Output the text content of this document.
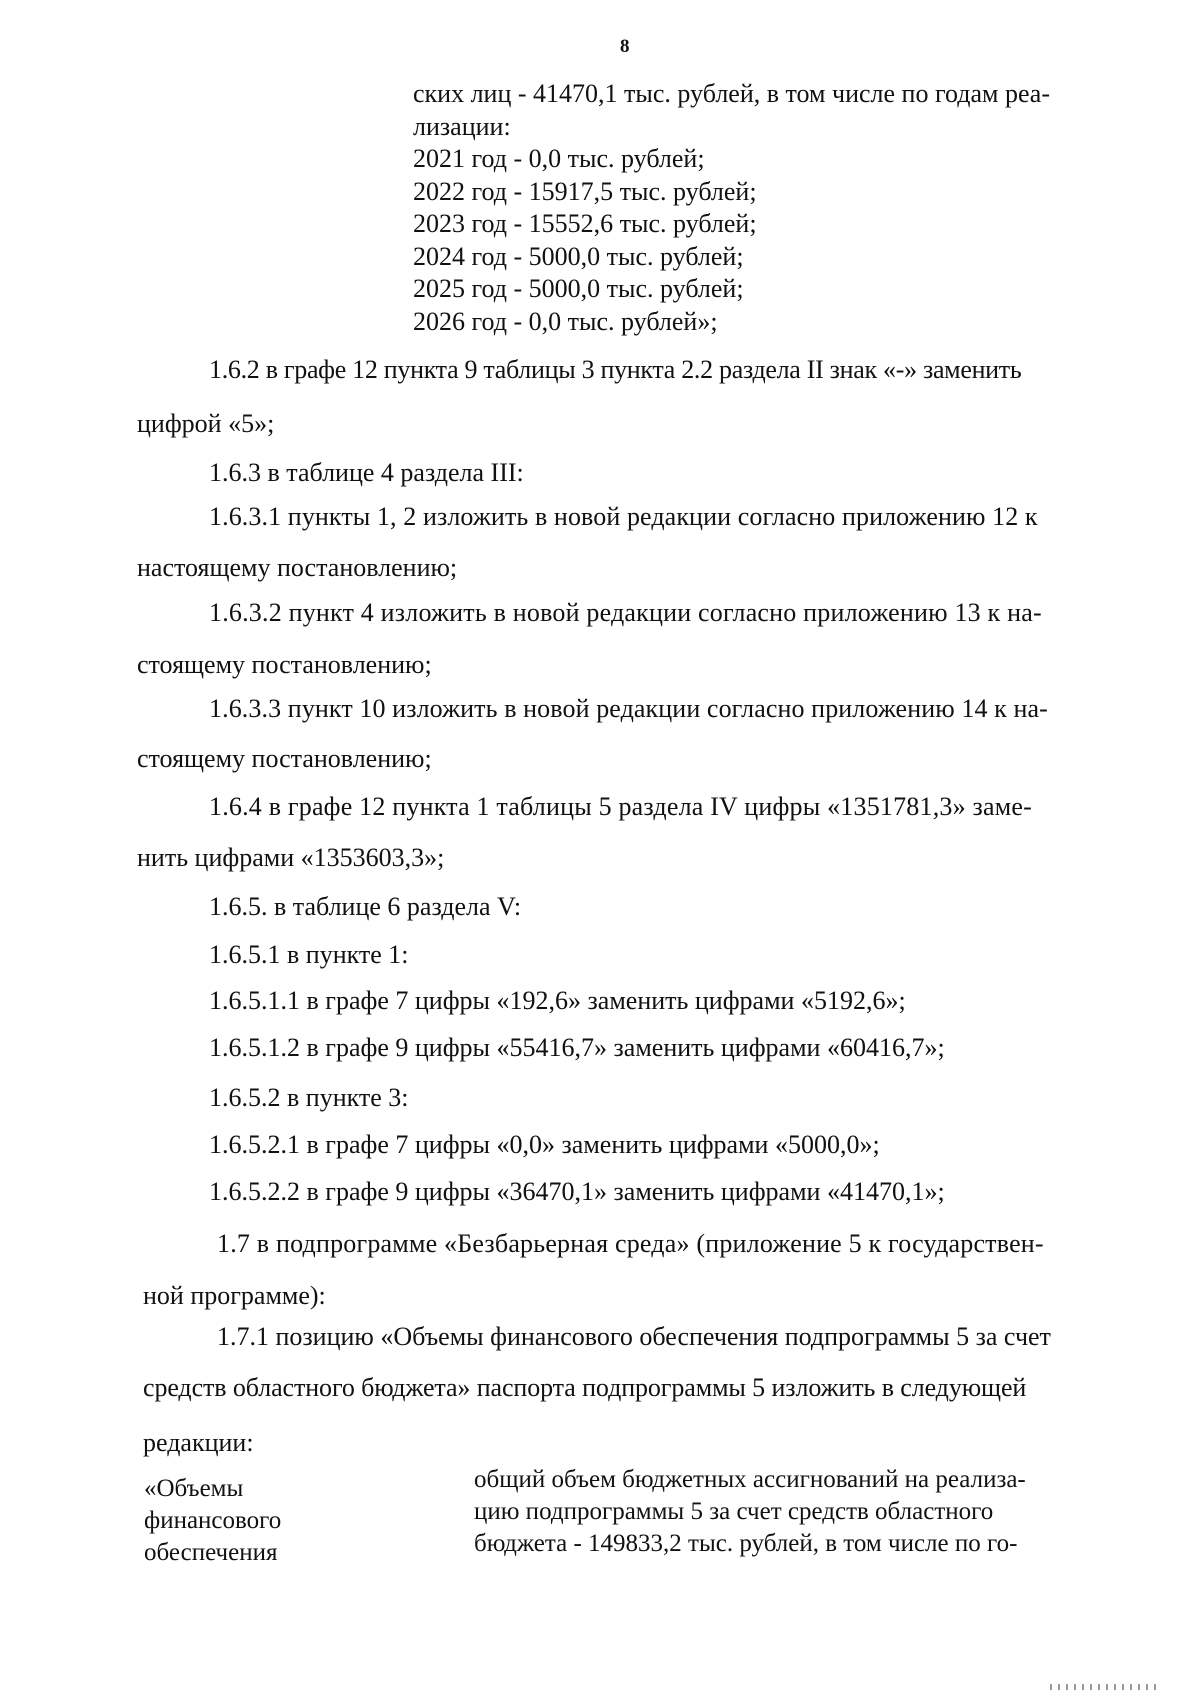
8
ских лиц - 41470,1 тыс. рублей, в том числе по годам реа-
лизации:
2021 год - 0,0 тыс. рублей;
2022 год - 15917,5 тыс. рублей;
2023 год - 15552,6 тыс. рублей;
2024 год - 5000,0 тыс. рублей;
2025 год - 5000,0 тыс. рублей;
2026 год - 0,0 тыс. рублей»;
1.6.2 в графе 12 пункта 9 таблицы 3 пункта 2.2 раздела II знак «-» заменить
цифрой «5»;
1.6.3 в таблице 4 раздела III:
1.6.3.1 пункты 1, 2 изложить в новой редакции согласно приложению 12 к
настоящему постановлению;
1.6.3.2 пункт 4 изложить в новой редакции согласно приложению 13 к на-
стоящему постановлению;
1.6.3.3 пункт 10 изложить в новой редакции согласно приложению 14 к на-
стоящему постановлению;
1.6.4 в графе 12 пункта 1 таблицы 5 раздела IV цифры «1351781,3» заме-
нить цифрами «1353603,3»;
1.6.5. в таблице 6 раздела V:
1.6.5.1 в пункте 1:
1.6.5.1.1 в графе 7 цифры «192,6» заменить цифрами «5192,6»;
1.6.5.1.2 в графе 9 цифры «55416,7» заменить цифрами «60416,7»;
1.6.5.2 в пункте 3:
1.6.5.2.1 в графе 7 цифры «0,0» заменить цифрами «5000,0»;
1.6.5.2.2 в графе 9 цифры «36470,1» заменить цифрами «41470,1»;
1.7 в подпрограмме «Безбарьерная среда» (приложение 5 к государствен-
ной программе):
1.7.1 позицию «Объемы финансового обеспечения подпрограммы 5 за счет
средств областного бюджета» паспорта подпрограммы 5 изложить в следующей
редакции:
«Объемы
финансового
обеспечения
общий объем бюджетных ассигнований на реализа-
цию подпрограммы 5 за счет средств областного
бюджета - 149833,2 тыс. рублей, в том числе по го-
